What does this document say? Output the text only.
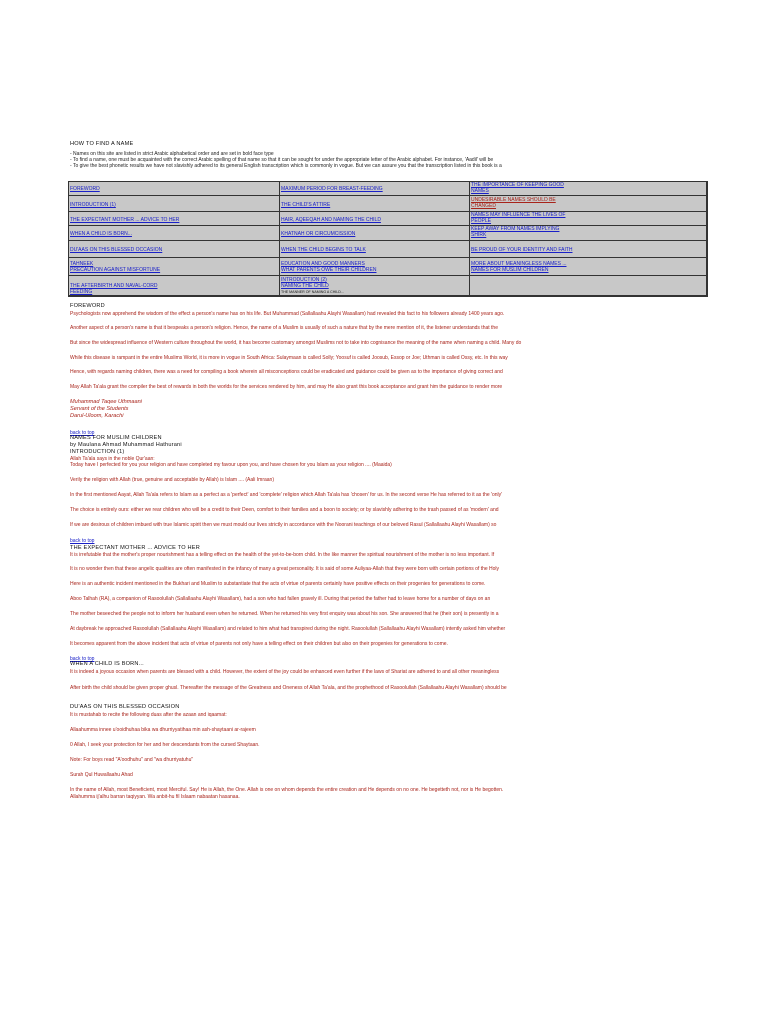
HOW TO FIND A NAME
- Names on this site are listed in strict Arabic alphabetical order and are set in bold face type
- To find a name, one must be acquainted with the correct Arabic spelling of that name so that it can be sought for under the appropriate letter of the Arabic alphabet. For instance, 'Aadil' will be
- To give the best phonetic results we have not slavishly adhered to its general English transcription which is commonly in vogue. But we can assure you that the transcription listed in this book is a
FOREWORD
INTRODUCTION (1)
THE EXPECTANT MOTHER ... ADVICE TO HER
WHEN A CHILD IS BORN...
DU'AAS ON THIS BLESSED OCCASION
TAHNEEK
PRECAUTION AGAINST MISFORTUNE
THE AFTERBIRTH AND NAVAL-CORD
FEEDING
MAXIMUM PERIOD FOR BREAST-FEEDING
THE CHILD'S ATTIRE
HAIR, AQEEQAH AND NAMING THE CHILD
KHATNAH OR CIRCUMCISSION
WHEN THE CHILD BEGINS TO TALK
EDUCATION AND GOOD MANNERS
WHAT PARENTS OWE THEIR CHILDREN
INTRODUCTION (2)
NAMING THE CHILD
THE MANNER OF NAMING A CHILD...
THE IMPORTANCE OF KEEPING GOOD
NAMES
UNDESIRABLE NAMES SHOULD BE
CHANGED
NAMES MAY INFLUENCE THE LIVES OF
PEOPLE
KEEP AWAY FROM NAMES IMPLYING
SHIRK
BE PROUD OF YOUR IDENTITY AND FAITH
MORE ABOUT MEANINGLESS NAMES ...
NAMES FOR MUSLIM CHILDREN
FOREWORD
Psychologists now apprehend the wisdom of the effect a person's name has on his life. But Muhammad (Sallallaahu Alayhi Wasallam) had revealed this fact to his followers already 1400 years ago.
Another aspect of a person's name is that it bespeaks a person's religion. Hence, the name of a Muslim is usually of such a nature that by the mere mention of it, the listener understands that the
But since the widespread influence of Western culture throughout the world, it has become customary amongst Muslims not to take into cognisance the meaning of the name when naming a child. Many do
While this disease is rampant in the entire Muslims World, it is more in vogue in South Africa: Sulaymaan is called Solly; Yoosuf is called Joosub, Essop or Joe; Uthman is called Ossy, etc. In this way
Hence, with regards naming children, there was a need for compiling a book wherein all misconceptions could be eradicated and guidance could be given as to the importance of giving correct and
May Allah Ta'ala grant the compiler the best of rewards in both the worlds for the services rendered by him, and may He also grant this book acceptance and grant him the guidance to render more
Muhammad Taqee Uthmaani
Servant of the Students
Darul-Uloom, Karachi
back to top
NAMES FOR MUSLIM CHILDREN
by Maulana Ahmad Muhammad Hathurani
INTRODUCTION (1)
Allah Ta'ala says in the noble Qur'aan:
Today have I perfected for you your religion and have completed my favour upon you, and have chosen for you Islam as your religion .... (Maaida)
Verily the religion with Allah (true, genuine and acceptable by Allah) is Islam .... (Aali Imraan)
In the first mentioned Aayat, Allah Ta'ala refers to Islam as a perfect as a 'perfect' and 'complete' religion which Allah Ta'ala has 'chosen' for us. In the second verse He has referred to it as the 'only'
The choice is entirely ours: either we rear children who will be a credit to their Deen, comfort to their families and a boon to society; or by slavishly adhering to the trash passed of as 'modern' and
If we are desirous of children imbued with true Islamic spirit then we must mould our lives strictly in accordance with the Noorani teachings of our beloved Rasul (Sallallaahu Alayhi Wasallam) so
back to top
THE EXPECTANT MOTHER ... ADVICE TO HER
It is irrefutable that the mother's proper nourishment has a telling effect on the health of the yet-to-be-born child. In the like manner the spiritual nourishment of the mother is no less important. If
It is no wonder then that these angelic qualities are often manifested in the infancy of many a great personality. It is said of some Auliyaa-Allah that they were born with certain portions of the Holy
Here is an authentic incident mentioned in the Bukhari and Muslim to substantiate that the acts of virtue of parents certainly have positive effects on their progenies for generations to come.
Aboo Talhah (RA), a companion of Rasoolullah (Sallallaahu Alayhi Wasallam), had a son who had fallen gravely ill. During that period the father had to leave home for a number of days on an
The mother beseeched the people not to inform her husband even when he returned. When he returned his very first enquiry was about his son. She answered that he (their son) is presently in a
At daybreak he approached Rasoolullah (Sallallaahu Alayhi Wasallam) and related to him what had transpired during the night. Rasoolullah (Sallallaahu Alayhi Wasallam) intently asked him whether
It becomes apparent from the above incident that acts of virtue of parents not only have a telling effect on their children but also on their progenies for generations to come.
back to top
WHEN A CHILD IS BORN...
It is indeed a joyous occasion when parents are blessed with a child. However, the extent of the joy could be enhanced even further if the laws of Shariat are adhered to and all other meaningless
After birth the child should be given proper ghusl. Thereafter the message of the Greatness and Oneness of Allah Ta'ala, and the prophethood of Rasoolullah (Sallallaahu Alayhi Wasallam) should be
DU'AAS ON THIS BLESSED OCCASION
It is mustahab to recite the following duas after the azaan and iqaamat:
Allaahumma innee u'ooidhuhaa bika wa dhurriyyatihaa min ash-shaytaani ar-rajeem
0 Allah, I seek your protection for her and her descendants from the cursed Shaytaan.
Note: For boys read "A'oodhuhu" and "wa dhurriyatuhu"
Surah Qul Huwallaahu Ahad
In the name of Allah, most Beneficient, most Merciful. Say! He is Allah, the One. Allah is one on whom depends the entire creation and He depends on no one. He begetteth not, nor is He begotten.
Allahumma ij'alhu barran taqiyyan. Wa anbit-hu fil Islaam nabaatan hasanaa.
